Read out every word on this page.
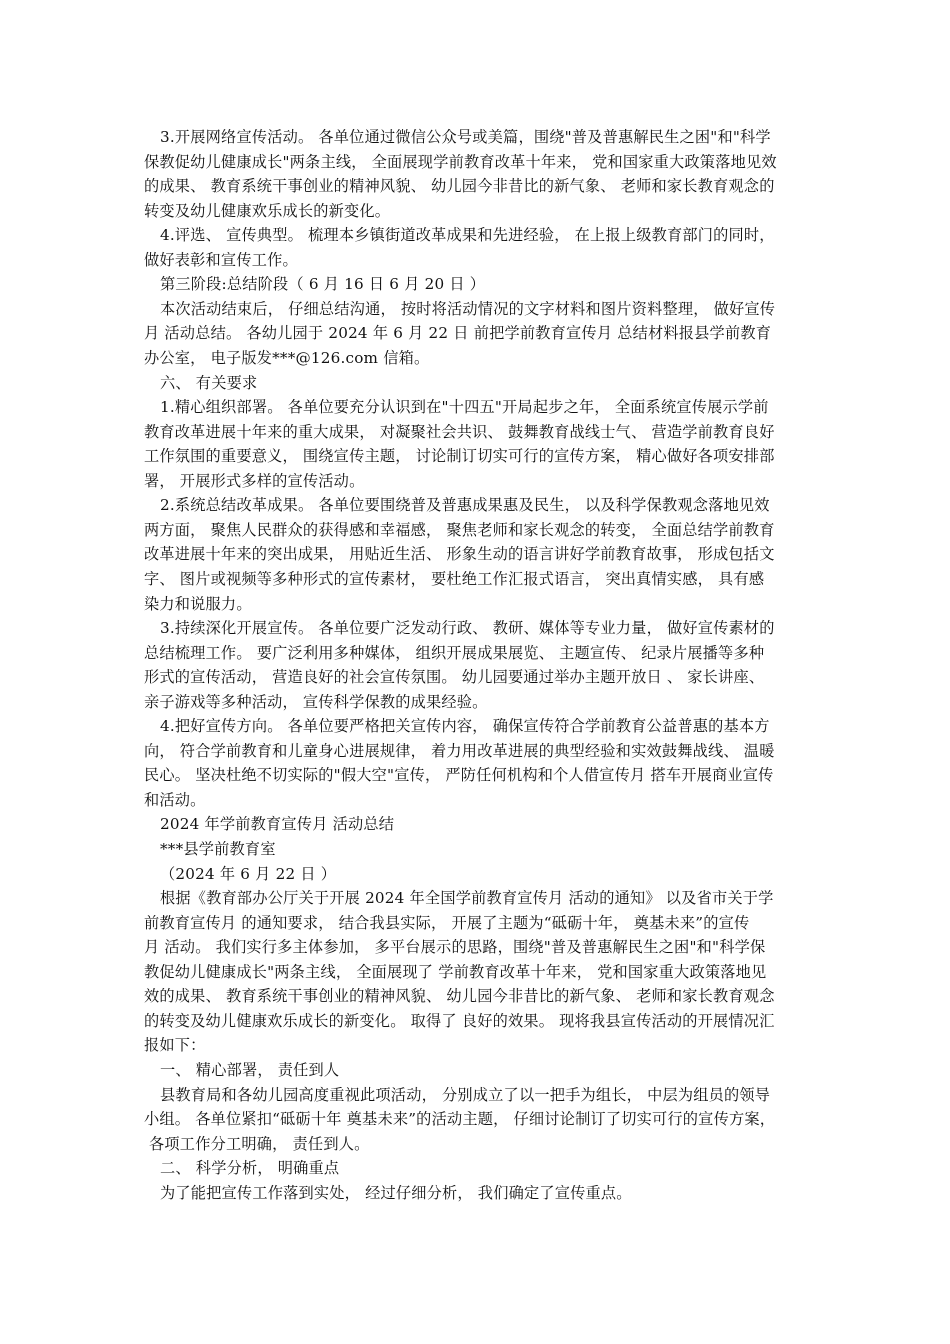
3.开展网络宣传活动。 各单位通过微信公众号或美篇，围绕"普及普惠解民生之困"和"科学
保教促幼儿健康成长"两条主线， 全面展现学前教育改革十年来， 党和国家重大政策落地见效
的成果、 教育系统干事创业的精神风貌、 幼儿园今非昔比的新气象、 老师和家长教育观念的
转变及幼儿健康欢乐成长的新变化。
4.评选、 宣传典型。 梳理本乡镇街道改革成果和先进经验， 在上报上级教育部门的同时，
做好表彰和宣传工作。
第三阶段:总结阶段（ 6 月 16 日 6 月 20 日 ）
本次活动结束后， 仔细总结沟通， 按时将活动情况的文字材料和图片资料整理， 做好宣传
月 活动总结。 各幼儿园于 2024 年 6 月 22 日 前把学前教育宣传月 总结材料报县学前教育
办公室， 电子版发***@126.com 信箱。
六、 有关要求
1.精心组织部署。 各单位要充分认识到在"十四五"开局起步之年， 全面系统宣传展示学前
教育改革进展十年来的重大成果， 对凝聚社会共识、 鼓舞教育战线士气、 营造学前教育良好
工作氛围的重要意义， 围绕宣传主题， 讨论制订切实可行的宣传方案， 精心做好各项安排部
署， 开展形式多样的宣传活动。
2.系统总结改革成果。 各单位要围绕普及普惠成果惠及民生， 以及科学保教观念落地见效
两方面， 聚焦人民群众的获得感和幸福感， 聚焦老师和家长观念的转变， 全面总结学前教育
改革进展十年来的突出成果， 用贴近生活、 形象生动的语言讲好学前教育故事， 形成包括文
字、 图片或视频等多种形式的宣传素材， 要杜绝工作汇报式语言， 突出真情实感， 具有感
染力和说服力。
3.持续深化开展宣传。 各单位要广泛发动行政、 教研、媒体等专业力量， 做好宣传素材的
总结梳理工作。 要广泛利用多种媒体， 组织开展成果展览、 主题宣传、 纪录片展播等多种
形式的宣传活动， 营造良好的社会宣传氛围。 幼儿园要通过举办主题开放日 、 家长讲座、
亲子游戏等多种活动， 宣传科学保教的成果经验。
4.把好宣传方向。 各单位要严格把关宣传内容， 确保宣传符合学前教育公益普惠的基本方
向， 符合学前教育和儿童身心进展规律， 着力用改革进展的典型经验和实效鼓舞战线、 温暖
民心。 坚决杜绝不切实际的"假大空"宣传， 严防任何机构和个人借宣传月 搭车开展商业宣传
和活动。
2024 年学前教育宣传月 活动总结
***县学前教育室
（2024 年 6 月 22 日 ）
根据《教育部办公厅关于开展 2024 年全国学前教育宣传月 活动的通知》 以及省市关于学
前教育宣传月 的通知要求， 结合我县实际， 开展了主题为“砥砺十年， 奠基未来”的宣传
月 活动。 我们实行多主体参加， 多平台展示的思路，围绕"普及普惠解民生之困"和"科学保
教促幼儿健康成长"两条主线， 全面展现了 学前教育改革十年来， 党和国家重大政策落地见
效的成果、 教育系统干事创业的精神风貌、 幼儿园今非昔比的新气象、 老师和家长教育观念
的转变及幼儿健康欢乐成长的新变化。 取得了 良好的效果。 现将我县宣传活动的开展情况汇
报如下：
一、 精心部署， 责任到人
县教育局和各幼儿园高度重视此项活动， 分别成立了以一把手为组长， 中层为组员的领导
小组。 各单位紧扣“砥砺十年 奠基未来”的活动主题， 仔细讨论制订了切实可行的宣传方案，
各项工作分工明确， 责任到人。
二、 科学分析， 明确重点
为了能把宣传工作落到实处， 经过仔细分析， 我们确定了宣传重点。
